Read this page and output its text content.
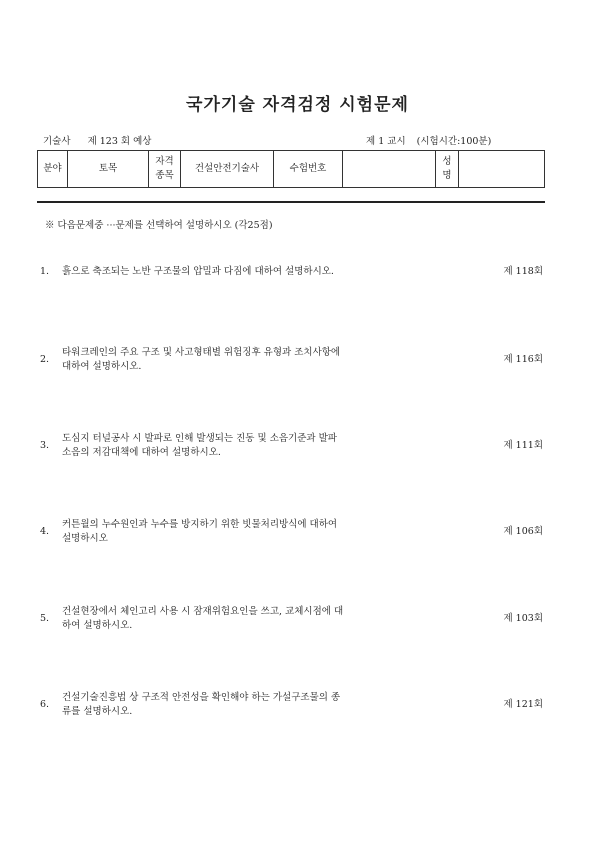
국가기술 자격검정 시험문제
기술사 제 123 회 예상	제 1 교시 (시험시간:100분)
분야	토목	자격종목	건설안전기술사	수험번호		성명	
※ 다음문제중 ···문제를 선택하여 설명하시오 (각25점)
1. 흙으로 축조되는 노반 구조물의 압밀과 다짐에 대하여 설명하시오.	제 118회
2.
타워크레인의 주요 구조 및 사고형태별 위험징후 유형과 조치사항에
대하여 설명하시오.
제 116회
3.
도심지 터널공사 시 발파로 인해 발생되는 진동 및 소음기준과 발파
소음의 저감대책에 대하여 설명하시오.
제 111회
4.
커튼월의 누수원인과 누수를 방지하기 위한 빗물처리방식에 대하여
설명하시오
제 106회
5.
건설현장에서 체인고리 사용 시 잠재위험요인을 쓰고, 교체시점에 대
하여 설명하시오.
제 103회
6.
건설기술진흥법 상 구조적 안전성을 확인해야 하는 가설구조물의 종
류를 설명하시오.
제 121회
